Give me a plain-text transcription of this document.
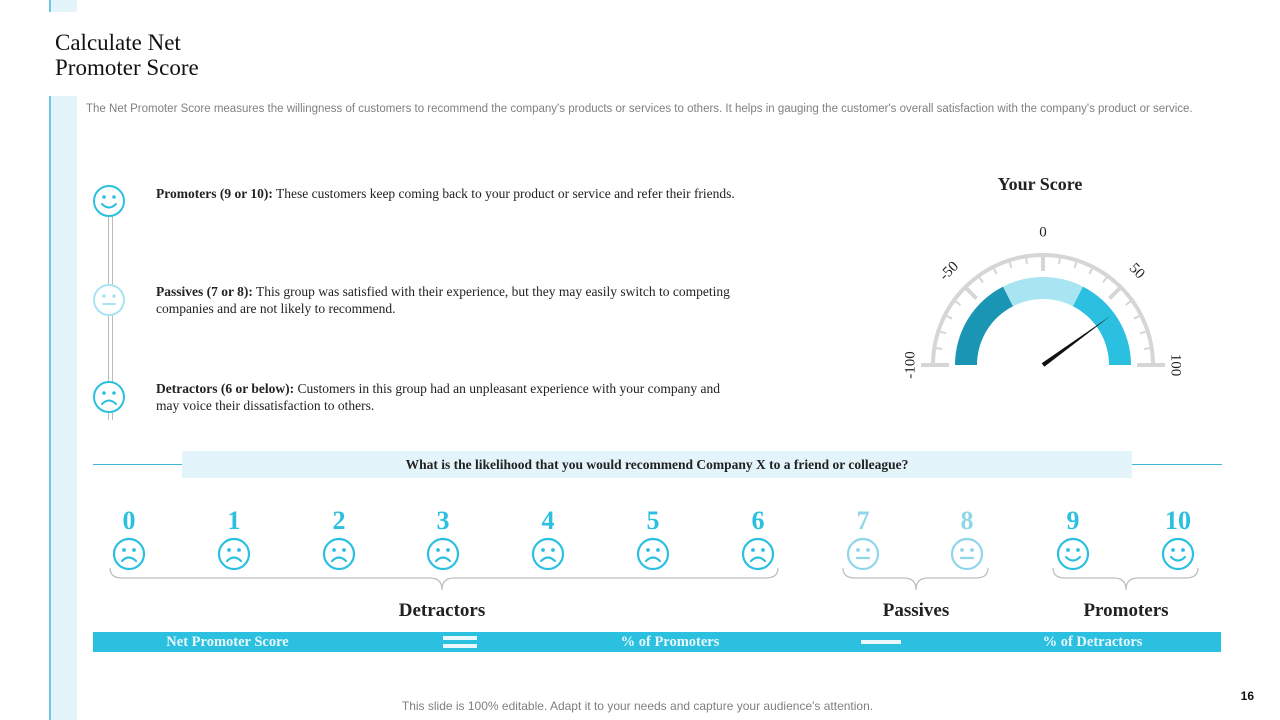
Calculate Net
Promoter Score
The Net Promoter Score measures the willingness of customers to recommend the company's products or services to others. It helps in gauging the customer's overall satisfaction with the company's product or service.
Promoters (9 or 10): These customers keep coming back to your product or service and refer their friends.
Passives (7 or 8): This group was satisfied with their experience, but they may easily switch to competing companies and are not likely to recommend.
Detractors (6 or below): Customers in this group had an unpleasant experience with your company and may voice their dissatisfaction to others.
Your Score
-100
-50
0
50
100
What is the likelihood that you would recommend Company X to a friend or colleague?
0	1	2	3	4	5	6	7	8	9	10
Detractors	Passives	Promoters
Net Promoter Score	% of Promoters	% of Detractors
This slide is 100% editable. Adapt it to your needs and capture your audience's attention.
16
